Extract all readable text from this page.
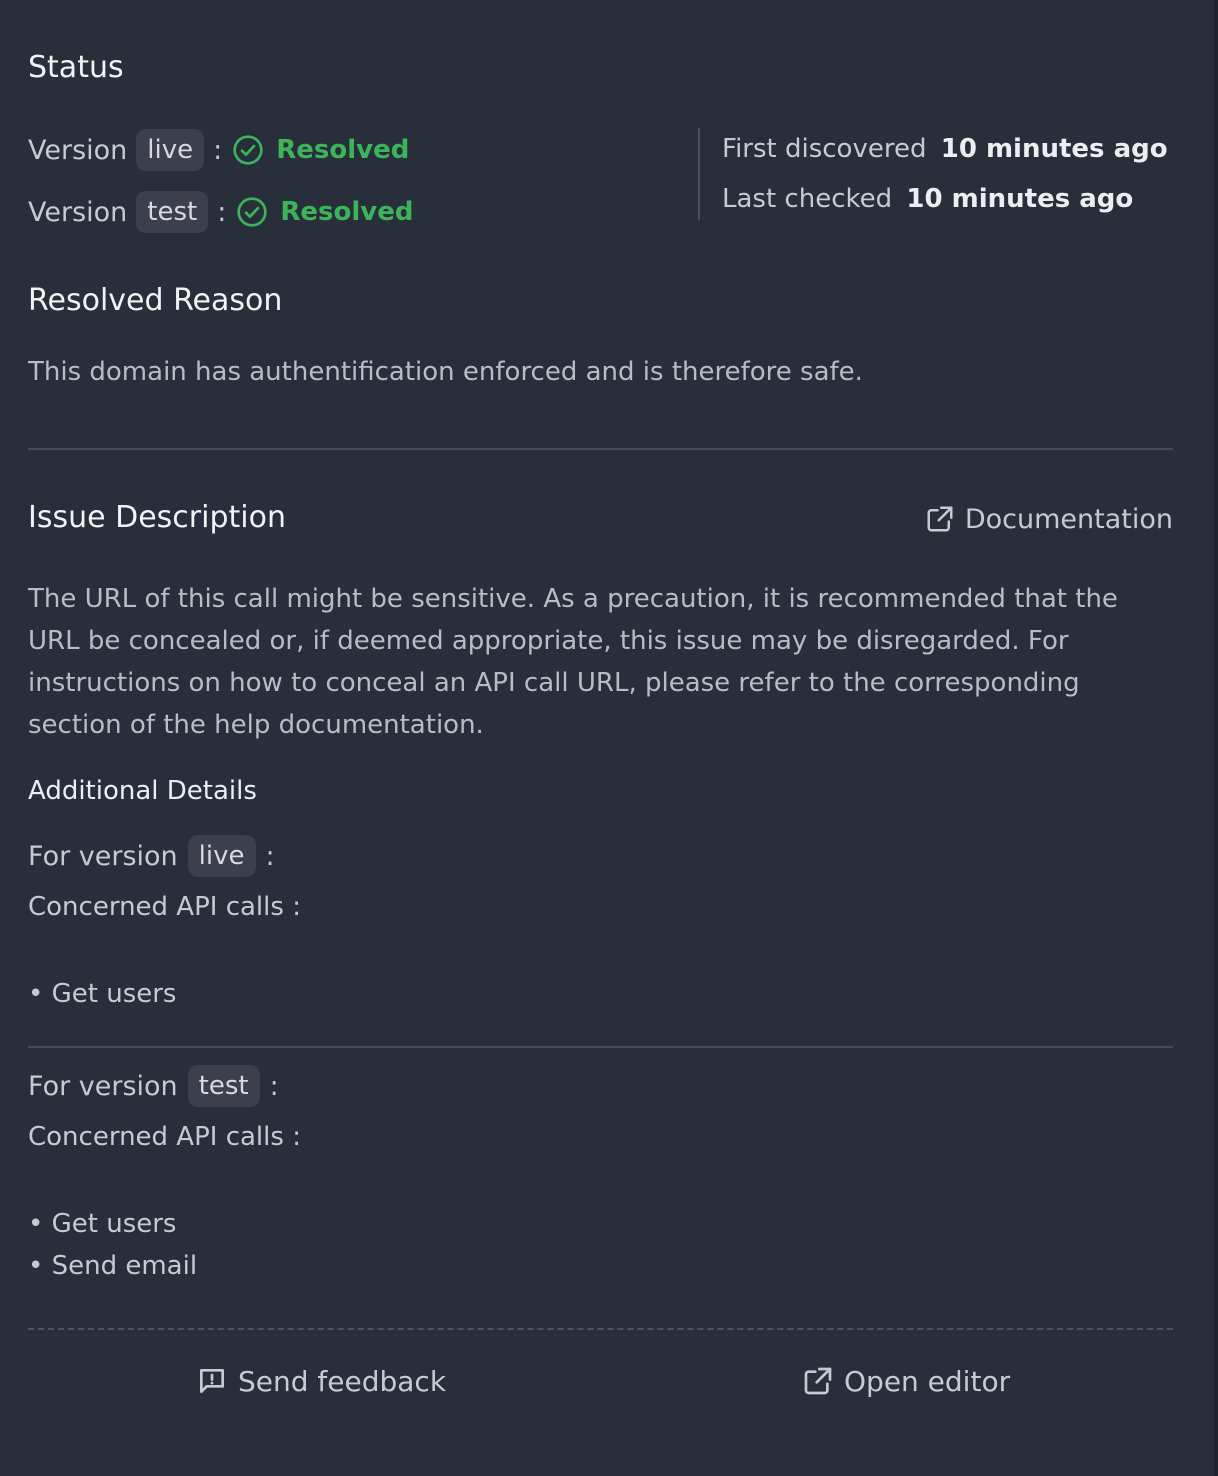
Status
Version live : Resolved
Version test : Resolved
First discovered 10 minutes ago
Last checked 10 minutes ago
Resolved Reason
This domain has authentification enforced and is therefore safe.
Issue Description	Documentation

The URL of this call might be sensitive. As a precaution, it is recommended that the URL be concealed or, if deemed appropriate, this issue may be disregarded. For instructions on how to conceal an API call URL, please refer to the corresponding section of the help documentation.

Additional Details
For version live :
Concerned API calls :
• Get users
For version test :
Concerned API calls :
• Get users
• Send email
Send feedback	Open editor
